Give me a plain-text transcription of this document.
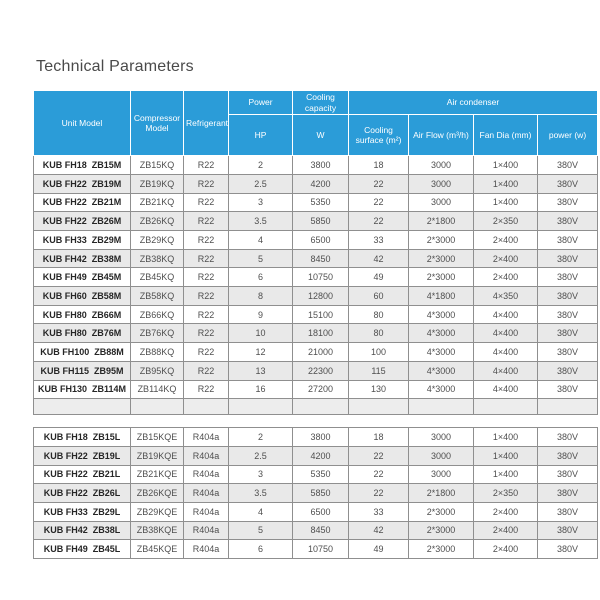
Technical Parameters
Unit Model	Compressor Model	Refrigerant	Power	Cooling capacity	Air condenser			
			HP	W	Cooling surface (m²)	Air Flow (m³/h)	Fan Dia (mm)	power (w)
KUB FH18  ZB15M	ZB15KQ	R22	2	3800	18	3000	1×400	380V
KUB FH22  ZB19M	ZB19KQ	R22	2.5	4200	22	3000	1×400	380V
KUB FH22  ZB21M	ZB21KQ	R22	3	5350	22	3000	1×400	380V
KUB FH22  ZB26M	ZB26KQ	R22	3.5	5850	22	2*1800	2×350	380V
KUB FH33  ZB29M	ZB29KQ	R22	4	6500	33	2*3000	2×400	380V
KUB FH42  ZB38M	ZB38KQ	R22	5	8450	42	2*3000	2×400	380V
KUB FH49  ZB45M	ZB45KQ	R22	6	10750	49	2*3000	2×400	380V
KUB FH60  ZB58M	ZB58KQ	R22	8	12800	60	4*1800	4×350	380V
KUB FH80  ZB66M	ZB66KQ	R22	9	15100	80	4*3000	4×400	380V
KUB FH80  ZB76M	ZB76KQ	R22	10	18100	80	4*3000	4×400	380V
KUB FH100  ZB88M	ZB88KQ	R22	12	21000	100	4*3000	4×400	380V
KUB FH115  ZB95M	ZB95KQ	R22	13	22300	115	4*3000	4×400	380V
KUB FH130  ZB114M	ZB114KQ	R22	16	27200	130	4*3000	4×400	380V

KUB FH18  ZB15L	ZB15KQE	R404a	2	3800	18	3000	1×400	380V
KUB FH22  ZB19L	ZB19KQE	R404a	2.5	4200	22	3000	1×400	380V
KUB FH22  ZB21L	ZB21KQE	R404a	3	5350	22	3000	1×400	380V
KUB FH22  ZB26L	ZB26KQE	R404a	3.5	5850	22	2*1800	2×350	380V
KUB FH33  ZB29L	ZB29KQE	R404a	4	6500	33	2*3000	2×400	380V
KUB FH42  ZB38L	ZB38KQE	R404a	5	8450	42	2*3000	2×400	380V
KUB FH49  ZB45L	ZB45KQE	R404a	6	10750	49	2*3000	2×400	380V
